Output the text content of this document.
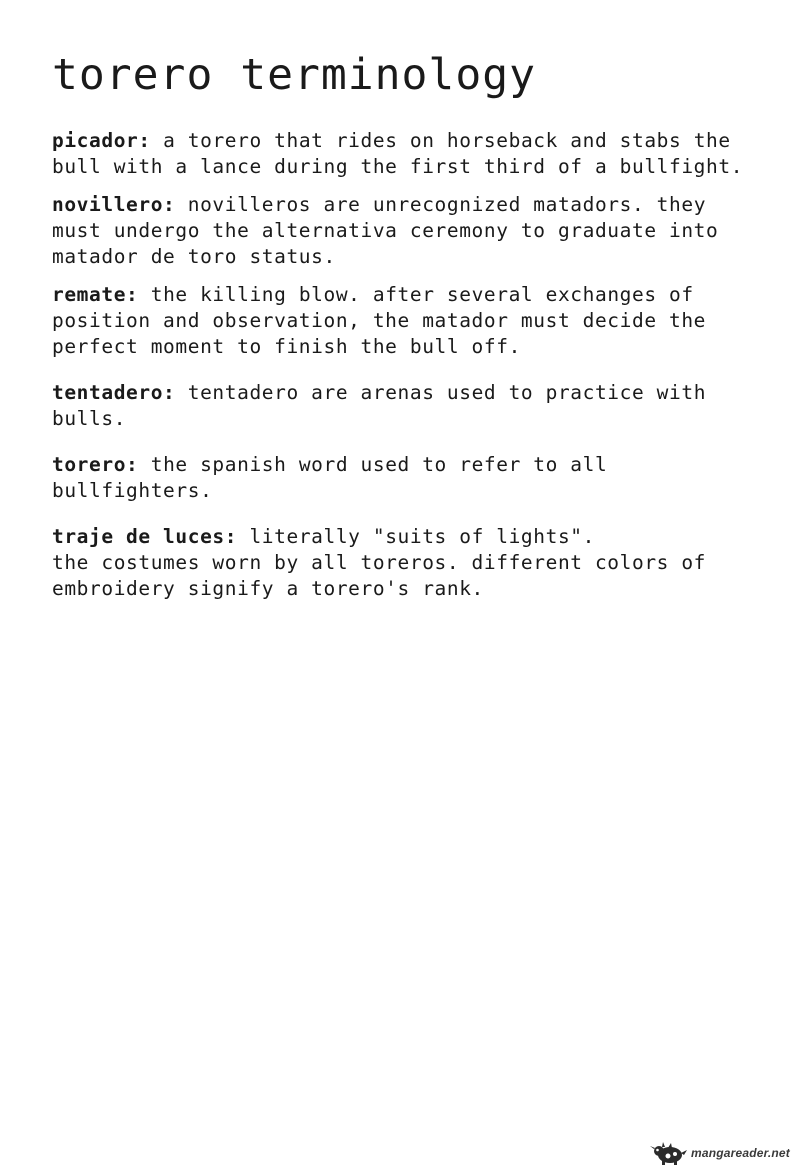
torero terminology

picador: a torero that rides on horseback and stabs the
bull with a lance during the first third of a bullfight.

novillero: novilleros are unrecognized matadors. they
must undergo the alternativa ceremony to graduate into
matador de toro status.

remate: the killing blow. after several exchanges of
position and observation, the matador must decide the
perfect moment to finish the bull off.

tentadero: tentadero are arenas used to practice with
bulls.

torero: the spanish word used to refer to all
bullfighters.

traje de luces: literally "suits of lights".
the costumes worn by all toreros. different colors of
embroidery signify a torero's rank.

mangareader.net
